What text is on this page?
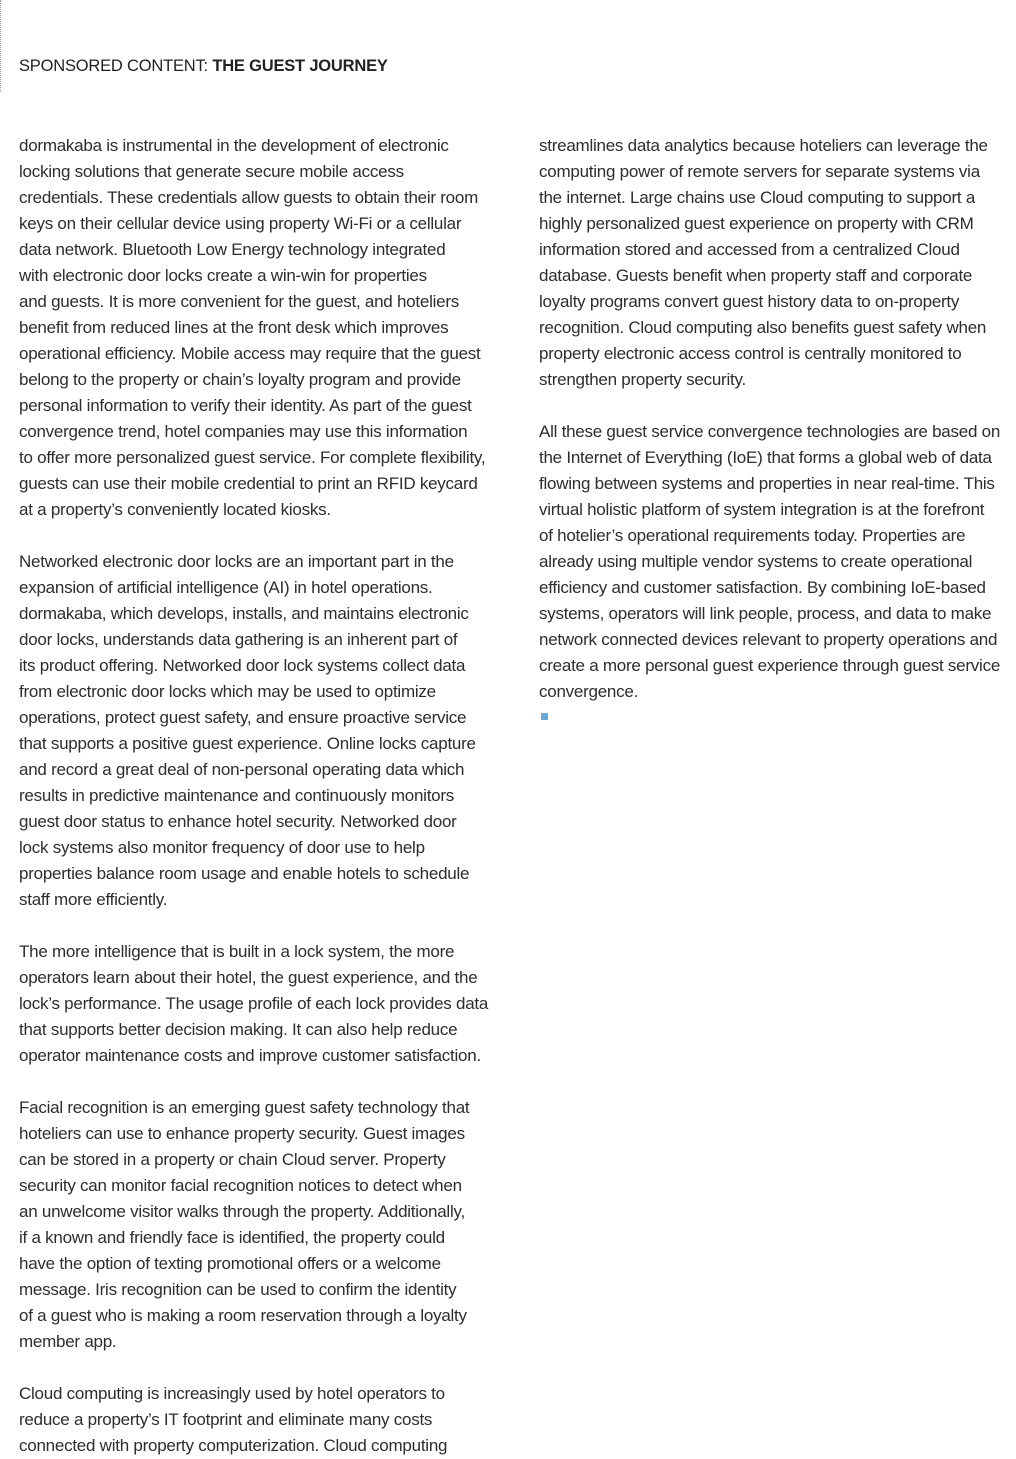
SPONSORED CONTENT: THE GUEST JOURNEY

dormakaba is instrumental in the development of electronic
locking solutions that generate secure mobile access
credentials. These credentials allow guests to obtain their room
keys on their cellular device using property Wi-Fi or a cellular
data network. Bluetooth Low Energy technology integrated
with electronic door locks create a win-win for properties
and guests. It is more convenient for the guest, and hoteliers
benefit from reduced lines at the front desk which improves
operational efficiency. Mobile access may require that the guest
belong to the property or chain’s loyalty program and provide
personal information to verify their identity. As part of the guest
convergence trend, hotel companies may use this information
to offer more personalized guest service. For complete flexibility,
guests can use their mobile credential to print an RFID keycard
at a property’s conveniently located kiosks.

Networked electronic door locks are an important part in the
expansion of artificial intelligence (AI) in hotel operations.
dormakaba, which develops, installs, and maintains electronic
door locks, understands data gathering is an inherent part of
its product offering. Networked door lock systems collect data
from electronic door locks which may be used to optimize
operations, protect guest safety, and ensure proactive service
that supports a positive guest experience. Online locks capture
and record a great deal of non-personal operating data which
results in predictive maintenance and continuously monitors
guest door status to enhance hotel security. Networked door
lock systems also monitor frequency of door use to help
properties balance room usage and enable hotels to schedule
staff more efficiently.

The more intelligence that is built in a lock system, the more
operators learn about their hotel, the guest experience, and the
lock’s performance. The usage profile of each lock provides data
that supports better decision making. It can also help reduce
operator maintenance costs and improve customer satisfaction.

Facial recognition is an emerging guest safety technology that
hoteliers can use to enhance property security. Guest images
can be stored in a property or chain Cloud server. Property
security can monitor facial recognition notices to detect when
an unwelcome visitor walks through the property. Additionally,
if a known and friendly face is identified, the property could
have the option of texting promotional offers or a welcome
message. Iris recognition can be used to confirm the identity
of a guest who is making a room reservation through a loyalty
member app.

Cloud computing is increasingly used by hotel operators to
reduce a property’s IT footprint and eliminate many costs
connected with property computerization. Cloud computing

streamlines data analytics because hoteliers can leverage the
computing power of remote servers for separate systems via
the internet. Large chains use Cloud computing to support a
highly personalized guest experience on property with CRM
information stored and accessed from a centralized Cloud
database. Guests benefit when property staff and corporate
loyalty programs convert guest history data to on-property
recognition. Cloud computing also benefits guest safety when
property electronic access control is centrally monitored to
strengthen property security.

All these guest service convergence technologies are based on
the Internet of Everything (IoE) that forms a global web of data
flowing between systems and properties in near real-time. This
virtual holistic platform of system integration is at the forefront
of hotelier’s operational requirements today. Properties are
already using multiple vendor systems to create operational
efficiency and customer satisfaction. By combining IoE-based
systems, operators will link people, process, and data to make
network connected devices relevant to property operations and
create a more personal guest experience through guest service
convergence.
